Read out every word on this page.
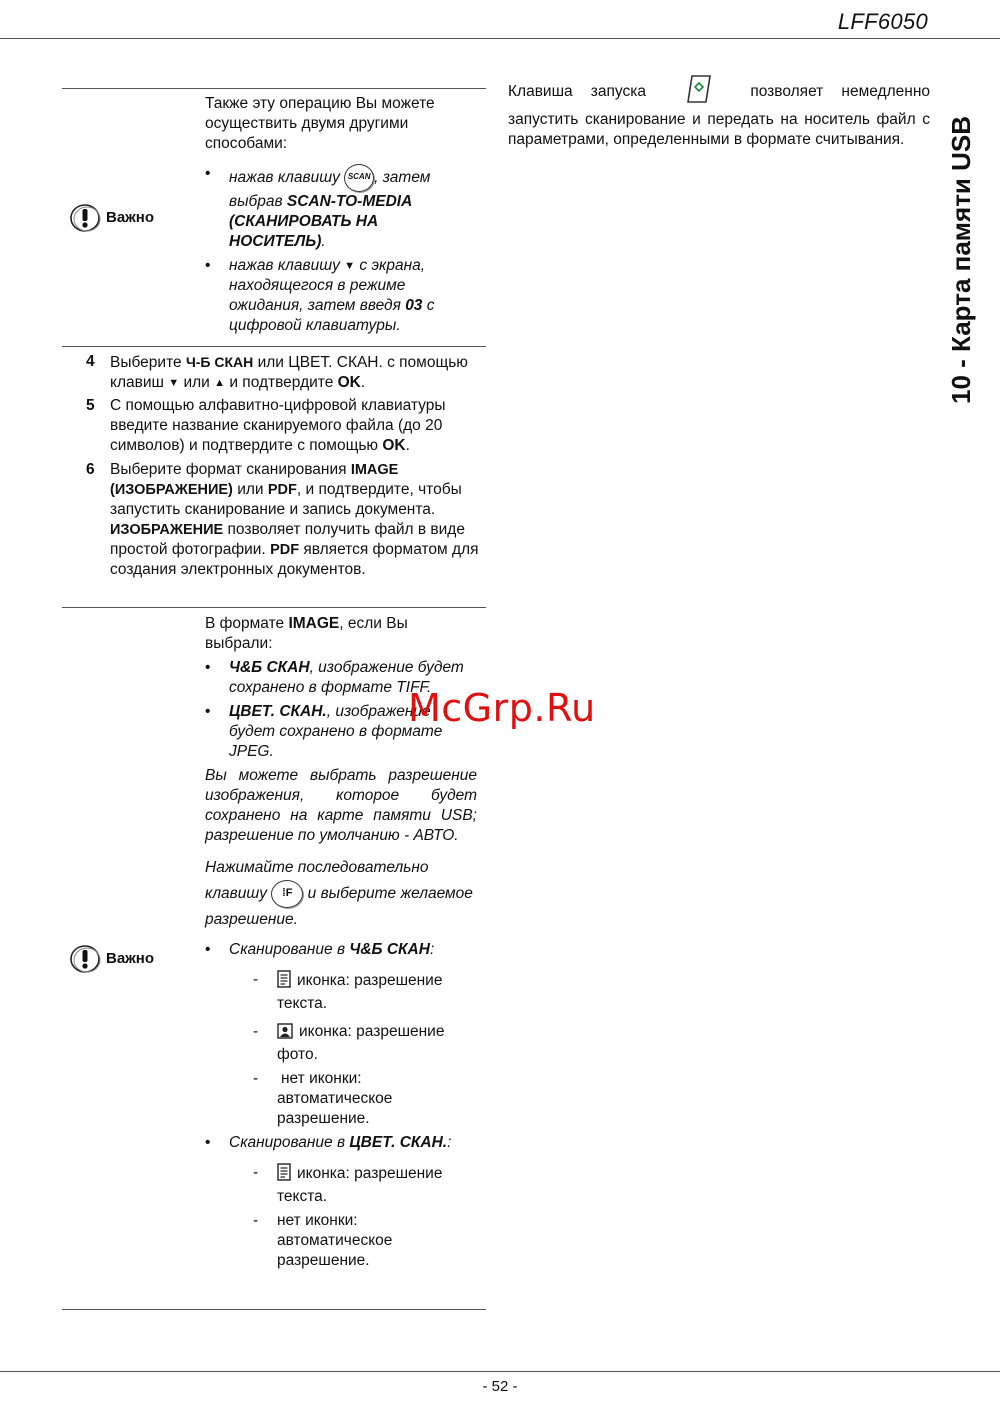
LFF6050
10 - Карта памяти USB
Клавиша запуска	позволяет немедленно запустить сканирование и передать на носитель файл с параметрами, определенными в формате считывания.
Важно

Также эту операцию Вы можете осуществить двумя другими способами:

• нажав клавишу SCAN , затем выбрав SCAN-TO-MEDIA (СКАНИРОВАТЬ НА НОСИТЕЛЬ).
• нажав клавишу ▼ с экрана, находящегося в режиме ожидания, затем введя 03 с цифровой клавиатуры.
4 Выберите Ч-Б СКАН или ЦВЕТ. СКАН. с помощью клавиш ▼ или ▲ и подтвердите OK.
5 С помощью алфавитно-цифровой клавиатуры введите название сканируемого файла (до 20 символов) и подтвердите с помощью OK.
6 Выберите формат сканирования IMAGE (ИЗОБРАЖЕНИЕ) или PDF, и подтвердите, чтобы запустить сканирование и запись документа. ИЗОБРАЖЕНИЕ позволяет получить файл в виде простой фотографии. PDF является форматом для создания электронных документов.
Важно

В формате IMAGE, если Вы выбрали:

• Ч&Б СКАН, изображение будет сохранено в формате TIFF.
• ЦВЕТ. СКАН., изображение будет сохранено в формате JPEG.

Вы можете выбрать разрешение изображения, которое будет сохранено на карте памяти USB; разрешение по умолчанию - АВТО.

Нажимайте последовательно клавишу ⁞F и выберите желаемое разрешение.

• Сканирование в Ч&Б СКАН:
-	иконка: разрешение текста.
-	иконка: разрешение фото.
- нет иконки: автоматическое разрешение.
• Сканирование в ЦВЕТ. СКАН.:
-	иконка: разрешение текста.
- нет иконки: автоматическое разрешение.
McGrp.Ru
- 52 -
